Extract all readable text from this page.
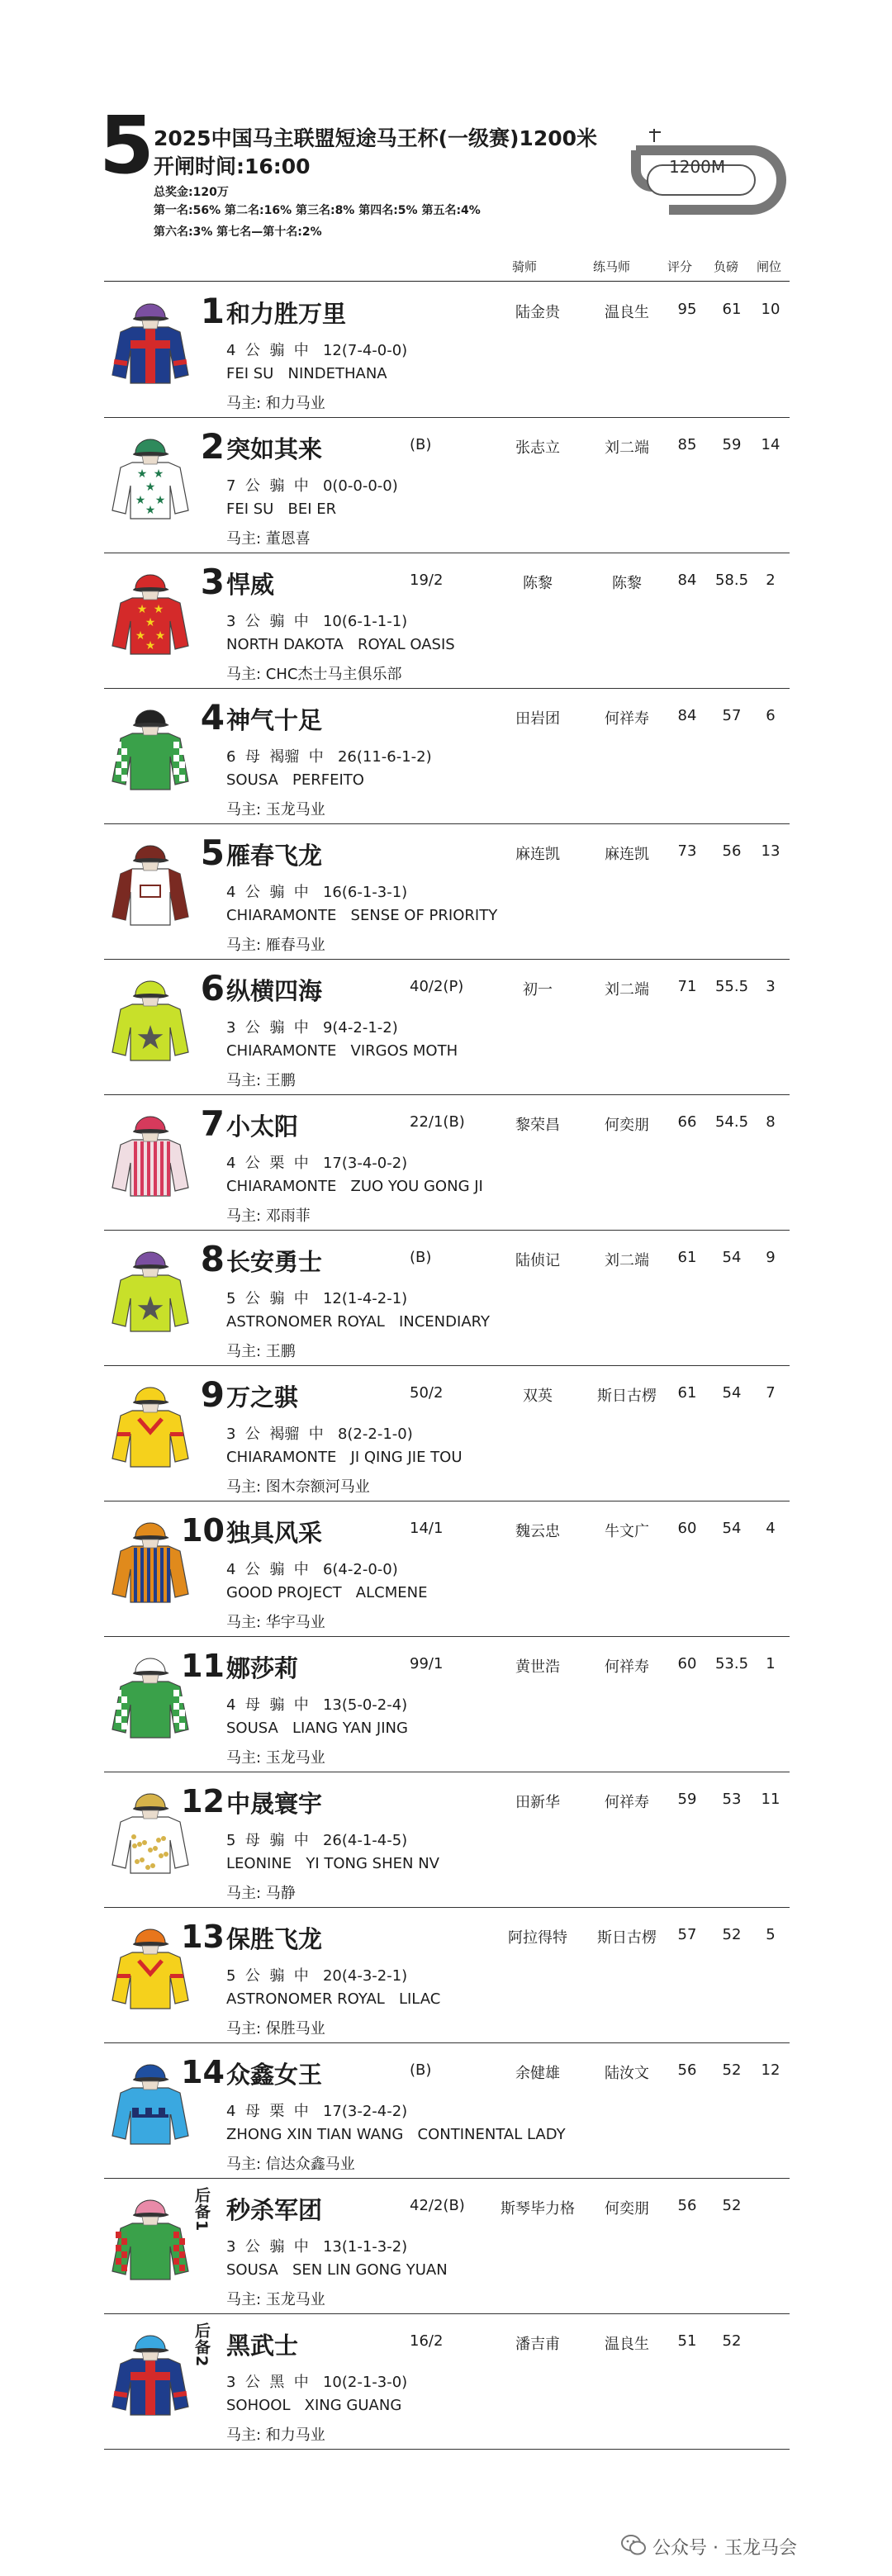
5 2025中国马主联盟短途马王杯(一级赛)1200米
开闸时间:16:00
总奖金:120万
第一名:56% 第二名:16% 第三名:8% 第四名:5% 第五名:4%
第六名:3% 第七名—第十名:2%
1200M
骑师	练马师	评分 负磅 闸位
1 和力胜万里	陆金贵	温良生	95	61	10
4  公  骟  中   12(7-4-0-0)
FEI SU   NINDETHANA
马主: 和力马业
★ ★
★
★ ★
★
2 突如其来	(B)	张志立	刘二端	85	59	14
7  公  骟  中   0(0-0-0-0)
FEI SU   BEI ER
马主: 董恩喜
★ ★
★
★ ★
★
3 悍威	19/2	陈黎	陈黎	84	58.5	2
3  公  骟  中   10(6-1-1-1)
NORTH DAKOTA   ROYAL OASIS
马主: CHC杰士马主俱乐部
4 神气十足	田岩团	何祥寿	84	57	6
6  母  褐骝  中   26(11-6-1-2)
SOUSA   PERFEITO
马主: 玉龙马业
5 雁春飞龙	麻连凯	麻连凯	73	56	13
4  公  骟  中   16(6-1-3-1)
CHIARAMONTE   SENSE OF PRIORITY
马主: 雁春马业
★
6 纵横四海	40/2(P)	初一	刘二端	71	55.5	3
3  公  骟  中   9(4-2-1-2)
CHIARAMONTE   VIRGOS MOTH
马主: 王鹏
7 小太阳	22/1(B)	黎荣昌	何奕朋	66	54.5	8
4  公  栗  中   17(3-4-0-2)
CHIARAMONTE   ZUO YOU GONG JI
马主: 邓雨菲
★
8 长安勇士	(B)	陆侦记	刘二端	61	54	9
5  公  骟  中   12(1-4-2-1)
ASTRONOMER ROYAL   INCENDIARY
马主: 王鹏
9 万之骐	50/2	双英	斯日古楞	61	54	7
3  公  褐骝  中   8(2-2-1-0)
CHIARAMONTE   JI QING JIE TOU
马主: 图木奈额河马业
10 独具风采	14/1	魏云忠	牛文广	60	54	4
4  公  骟  中   6(4-2-0-0)
GOOD PROJECT   ALCMENE
马主: 华宇马业
11 娜莎莉	99/1	黄世浩	何祥寿	60	53.5	1
4  母  骟  中   13(5-0-2-4)
SOUSA   LIANG YAN JING
马主: 玉龙马业
12 中晟寰宇	田新华	何祥寿	59	53	11
5  母  骟  中   26(4-1-4-5)
LEONINE   YI TONG SHEN NV
马主: 马静
13 保胜飞龙	阿拉得特	斯日古楞	57	52	5
5  公  骟  中   20(4-3-2-1)
ASTRONOMER ROYAL   LILAC
马主: 保胜马业
14 众鑫女王	(B)	余健雄	陆汝文	56	52	12
4  母  栗  中   17(3-2-4-2)
ZHONG XIN TIAN WANG   CONTINENTAL LADY
马主: 信达众鑫马业
后备1 秒杀军团	42/2(B)	斯琴毕力格	何奕朋	56	52
3  公  骟  中   13(1-1-3-2)
SOUSA   SEN LIN GONG YUAN
马主: 玉龙马业
后备2 黑武士	16/2	潘吉甫	温良生	51	52
3  公  黑  中   10(2-1-3-0)
SOHOOL   XING GUANG
马主: 和力马业
公众号 · 玉龙马会
